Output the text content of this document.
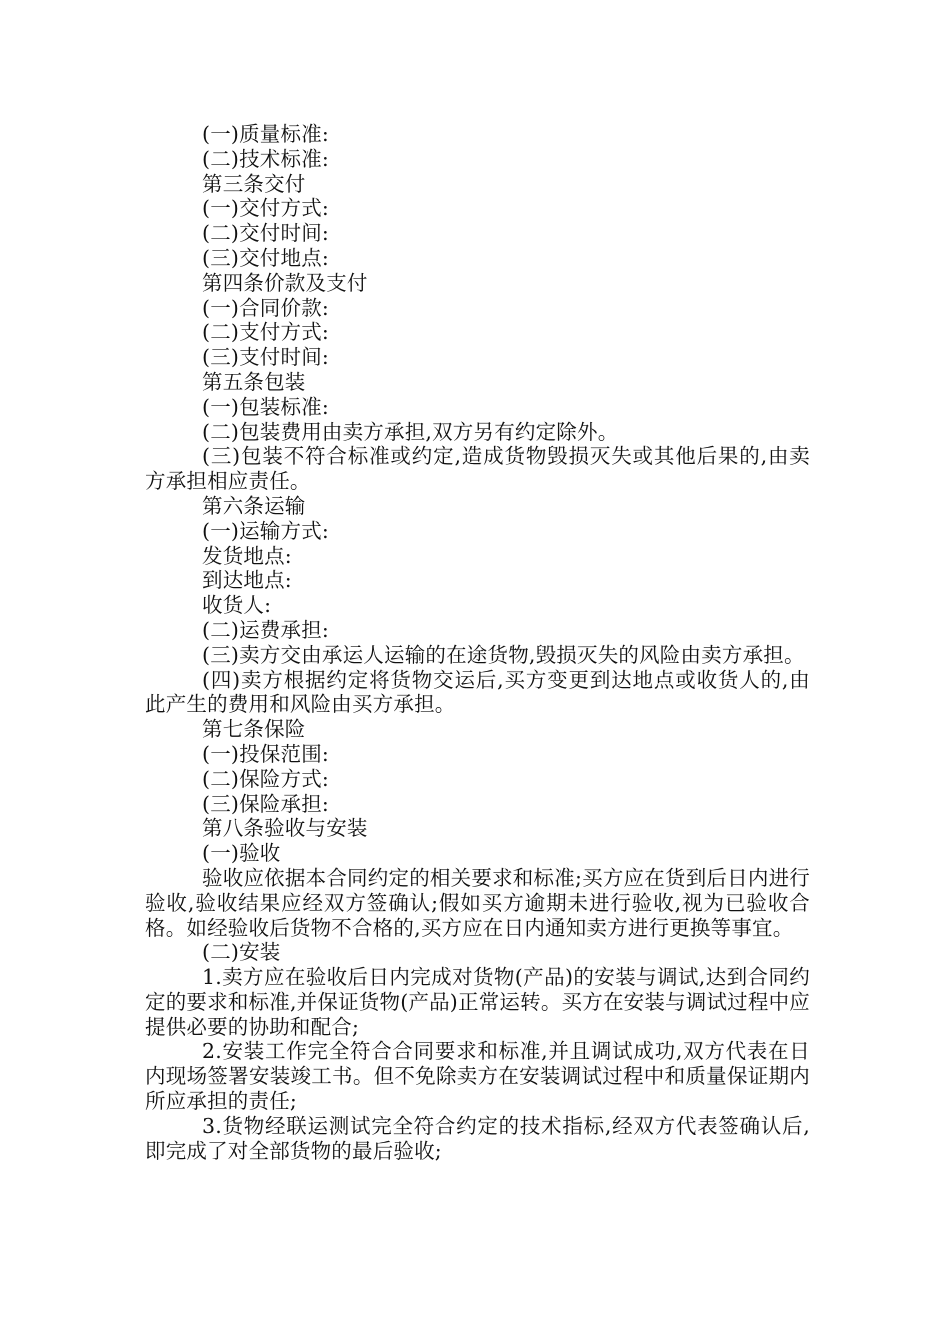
(一)质量标准:

(二)技术标准:

第三条交付

(一)交付方式:

(二)交付时间:

(三)交付地点:

第四条价款及支付

(一)合同价款:

(二)支付方式:

(三)支付时间:

第五条包装

(一)包装标准:

(二)包装费用由卖方承担,双方另有约定除外。

(三)包装不符合标准或约定,造成货物毁损灭失或其他后果的,由卖方承担相应责任。

第六条运输

(一)运输方式:

发货地点:

到达地点:

收货人:

(二)运费承担:

(三)卖方交由承运人运输的在途货物,毁损灭失的风险由卖方承担。

(四)卖方根据约定将货物交运后,买方变更到达地点或收货人的,由此产生的费用和风险由买方承担。

第七条保险

(一)投保范围:

(二)保险方式:

(三)保险承担:

第八条验收与安装

(一)验收

验收应依据本合同约定的相关要求和标准;买方应在货到后日内进行验收,验收结果应经双方签确认;假如买方逾期未进行验收,视为已验收合格。如经验收后货物不合格的,买方应在日内通知卖方进行更换等事宜。

(二)安装

1.卖方应在验收后日内完成对货物(产品)的安装与调试,达到合同约定的要求和标准,并保证货物(产品)正常运转。买方在安装与调试过程中应提供必要的协助和配合;

2.安装工作完全符合合同要求和标准,并且调试成功,双方代表在日内现场签署安装竣工书。但不免除卖方在安装调试过程中和质量保证期内所应承担的责任;

3.货物经联运测试完全符合约定的技术指标,经双方代表签确认后,即完成了对全部货物的最后验收;
